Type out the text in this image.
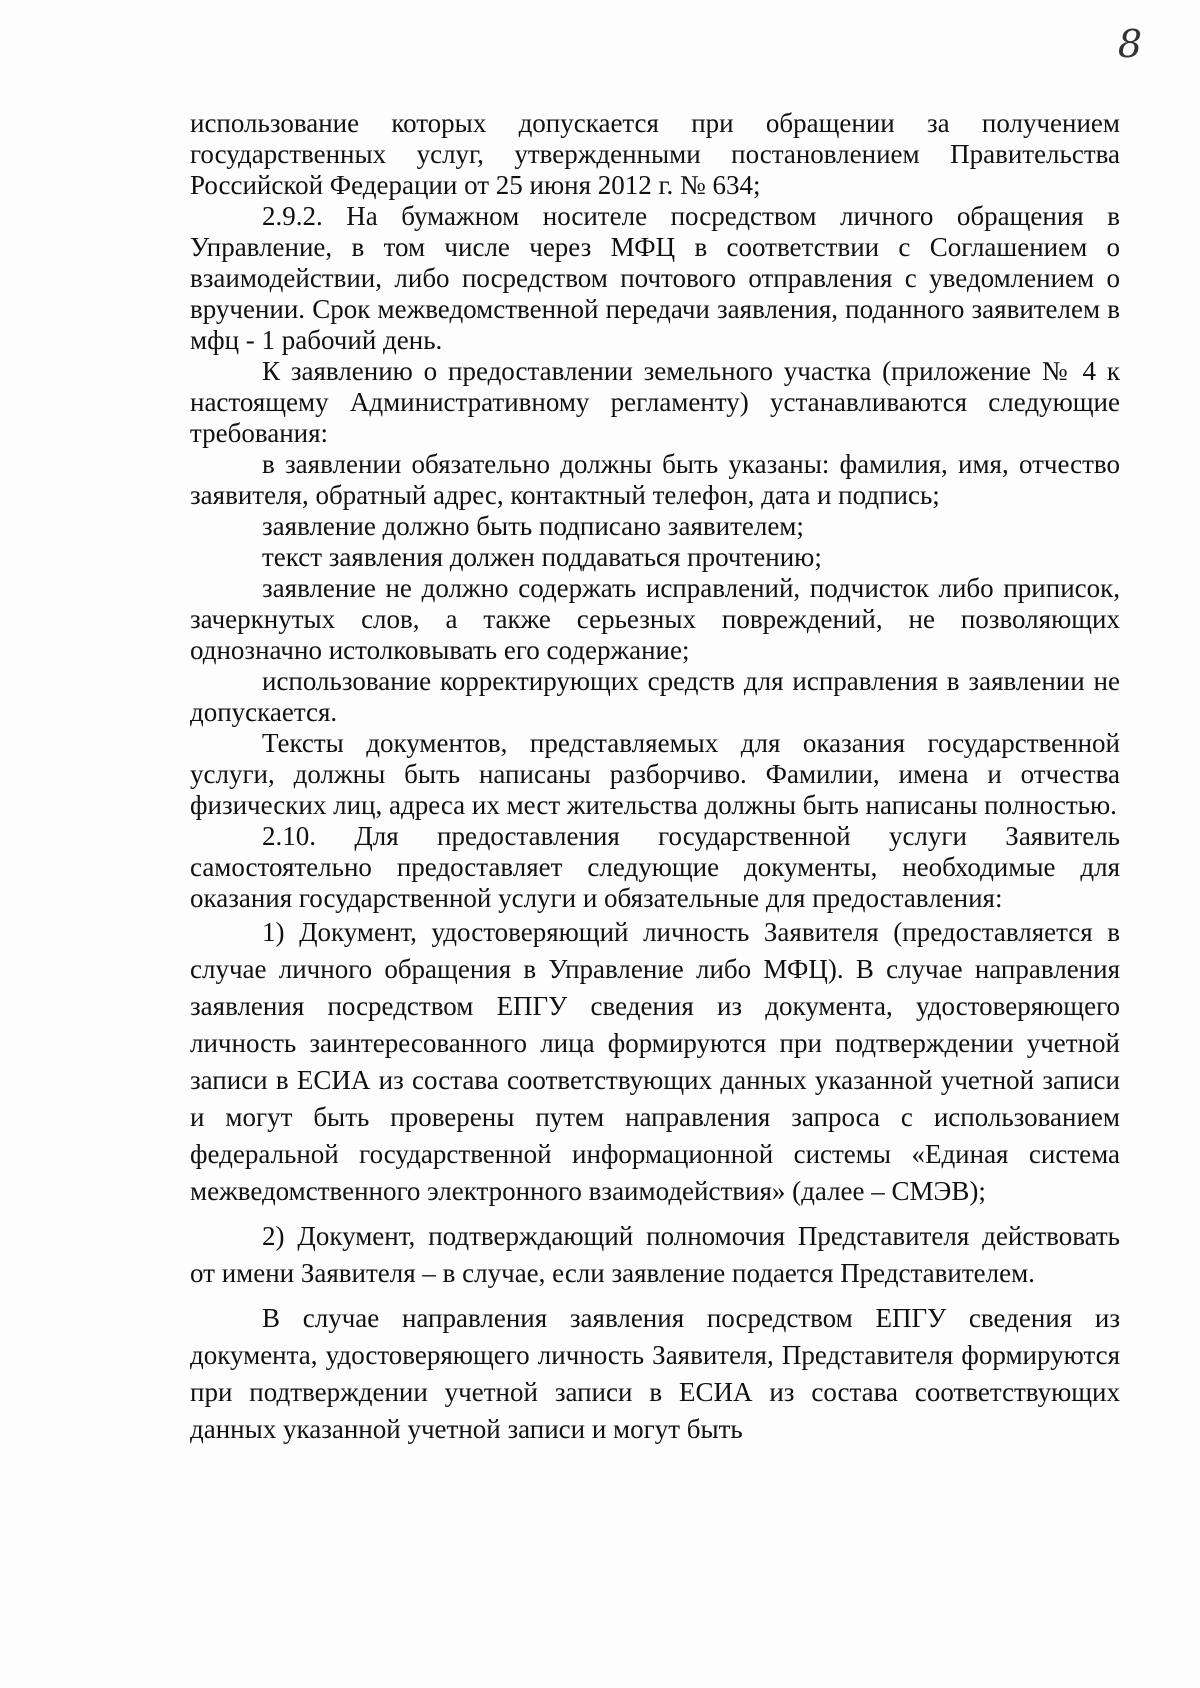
8

использование которых допускается при обращении за получением государственных услуг, утвержденными постановлением Правительства Российской Федерации от 25 июня 2012 г. № 634;

2.9.2. На бумажном носителе посредством личного обращения в Управление, в том числе через МФЦ в соответствии с Соглашением о взаимодействии, либо посредством почтового отправления с уведомлением о вручении. Срок межведомственной передачи заявления, поданного заявителем в мфц - 1 рабочий день.

К заявлению о предоставлении земельного участка (приложение № 4 к настоящему Административному регламенту) устанавливаются следующие требования:

в заявлении обязательно должны быть указаны: фамилия, имя, отчество заявителя, обратный адрес, контактный телефон, дата и подпись;

заявление должно быть подписано заявителем;

текст заявления должен поддаваться прочтению;

заявление не должно содержать исправлений, подчисток либо приписок, зачеркнутых слов, а также серьезных повреждений, не позволяющих однозначно истолковывать его содержание;

использование корректирующих средств для исправления в заявлении не допускается.

Тексты документов, представляемых для оказания государственной услуги, должны быть написаны разборчиво. Фамилии, имена и отчества физических лиц, адреса их мест жительства должны быть написаны полностью.

2.10. Для предоставления государственной услуги Заявитель самостоятельно предоставляет следующие документы, необходимые для оказания государственной услуги и обязательные для предоставления:

1) Документ, удостоверяющий личность Заявителя (предоставляется в случае личного обращения в Управление либо МФЦ). В случае направления заявления посредством ЕПГУ сведения из документа, удостоверяющего личность заинтересованного лица формируются при подтверждении учетной записи в ЕСИА из состава соответствующих данных указанной учетной записи и могут быть проверены путем направления запроса с использованием федеральной государственной информационной системы «Единая система межведомственного электронного взаимодействия» (далее – СМЭВ);

2) Документ, подтверждающий полномочия Представителя действовать от имени Заявителя – в случае, если заявление подается Представителем.

В случае направления заявления посредством ЕПГУ сведения из документа, удостоверяющего личность Заявителя, Представителя формируются при подтверждении учетной записи в ЕСИА из состава соответствующих данных указанной учетной записи и могут быть
